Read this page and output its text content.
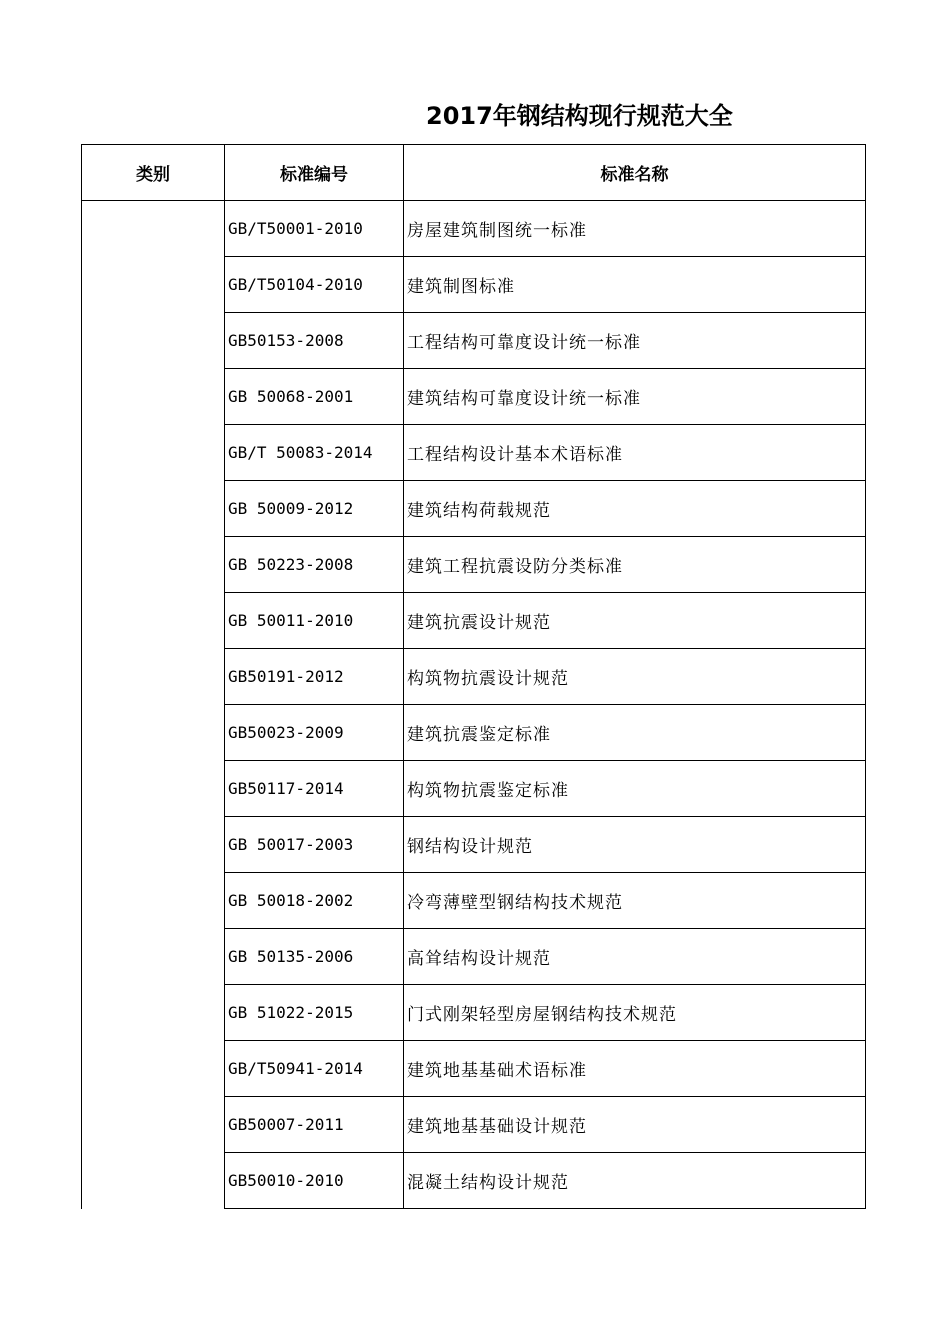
2017年钢结构现行规范大全
类别	标准编号	标准名称
	GB/T50001-2010	房屋建筑制图统一标准
	GB/T50104-2010	建筑制图标准
	GB50153-2008	工程结构可靠度设计统一标准
	GB 50068-2001	建筑结构可靠度设计统一标准
	GB/T 50083-2014	工程结构设计基本术语标准
	GB 50009-2012	建筑结构荷载规范
	GB 50223-2008	建筑工程抗震设防分类标准
	GB 50011-2010	建筑抗震设计规范
	GB50191-2012	构筑物抗震设计规范
	GB50023-2009	建筑抗震鉴定标准
	GB50117-2014	构筑物抗震鉴定标准
	GB 50017-2003	钢结构设计规范
	GB 50018-2002	冷弯薄壁型钢结构技术规范
	GB 50135-2006	高耸结构设计规范
	GB 51022-2015	门式刚架轻型房屋钢结构技术规范
	GB/T50941-2014	建筑地基基础术语标准
	GB50007-2011	建筑地基基础设计规范
	GB50010-2010	混凝土结构设计规范
